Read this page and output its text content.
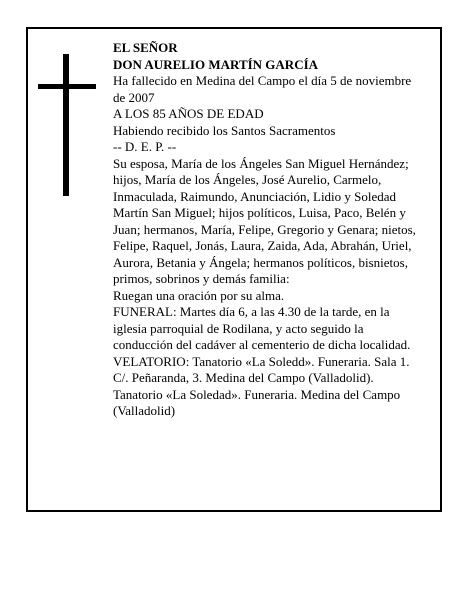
EL SEÑOR

DON AURELIO MARTÍN GARCÍA

Ha fallecido en Medina del Campo el día 5 de noviembre de 2007

A LOS 85 AÑOS DE EDAD

Habiendo recibido los Santos Sacramentos

-- D. E. P. --

Su esposa, María de los Ángeles San Miguel Hernández; hijos, María de los Ángeles, José Aurelio, Carmelo, Inmaculada, Raimundo, Anunciación, Lidio y Soledad Martín San Miguel; hijos políticos, Luisa, Paco, Belén y Juan; hermanos, María, Felipe, Gregorio y Genara; nietos, Felipe, Raquel, Jonás, Laura, Zaida, Ada, Abrahán, Uriel, Aurora, Betania y Ángela; hermanos políticos, bisnietos, primos, sobrinos y demás familia:

Ruegan una oración por su alma.

FUNERAL: Martes día 6, a las 4.30 de la tarde, en la iglesia parroquial de Rodilana, y acto seguido la conducción del cadáver al cementerio de dicha localidad.

VELATORIO: Tanatorio «La Soledd». Funeraria. Sala 1. C/. Peñaranda, 3. Medina del Campo (Valladolid). Tanatorio «La Soledad». Funeraria. Medina del Campo (Valladolid)
